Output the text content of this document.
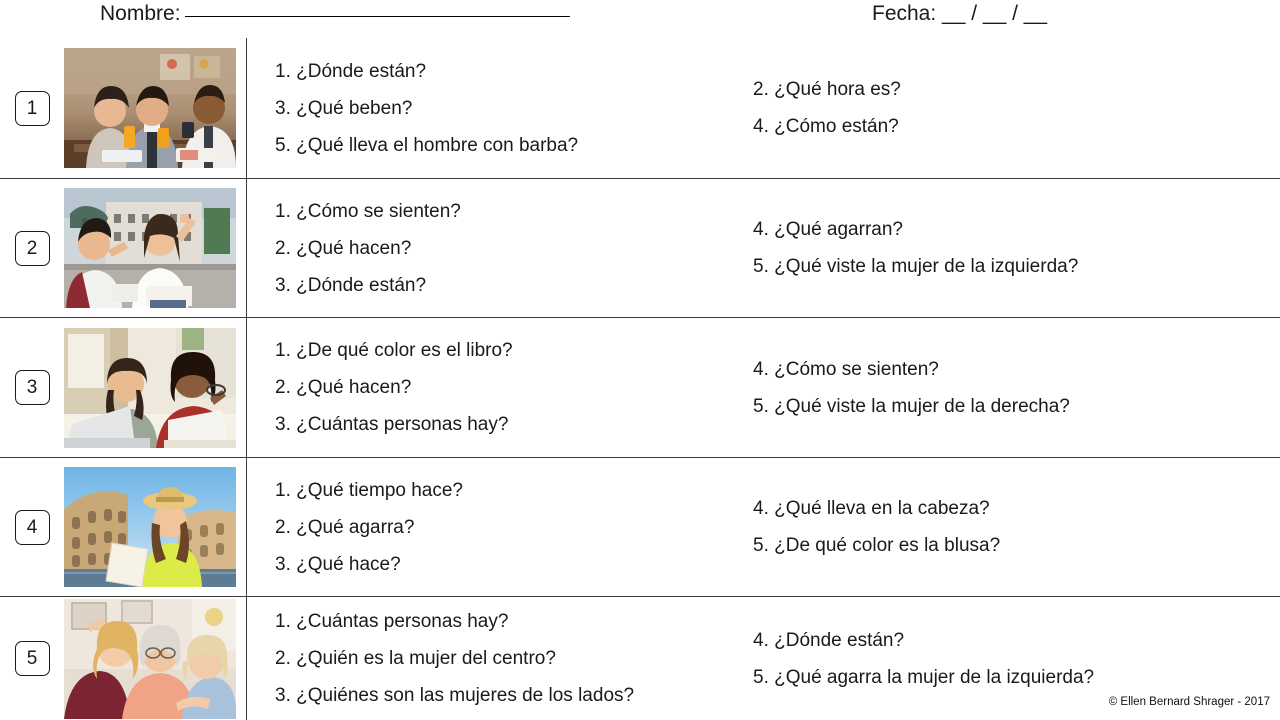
Nombre:	Fecha: __ / __ / __
1
1. ¿Dónde están?
3. ¿Qué beben?
5. ¿Qué lleva el hombre con barba?
2. ¿Qué hora es?
4. ¿Cómo están?
2
1. ¿Cómo se sienten?
2. ¿Qué hacen?
3. ¿Dónde están?
4. ¿Qué agarran?
5. ¿Qué viste la mujer de la izquierda?
3
1. ¿De qué color es el libro?
2. ¿Qué hacen?
3. ¿Cuántas personas hay?
4. ¿Cómo se sienten?
5. ¿Qué viste la mujer de la derecha?
4
1. ¿Qué tiempo hace?
2. ¿Qué agarra?
3. ¿Qué hace?
4. ¿Qué lleva en la cabeza?
5. ¿De qué color es la blusa?
5
1. ¿Cuántas personas hay?
2. ¿Quién es la mujer del centro?
3. ¿Quiénes son las mujeres de los lados?
4. ¿Dónde están?
5. ¿Qué agarra la mujer de la izquierda?
© Ellen Bernard Shrager - 2017
